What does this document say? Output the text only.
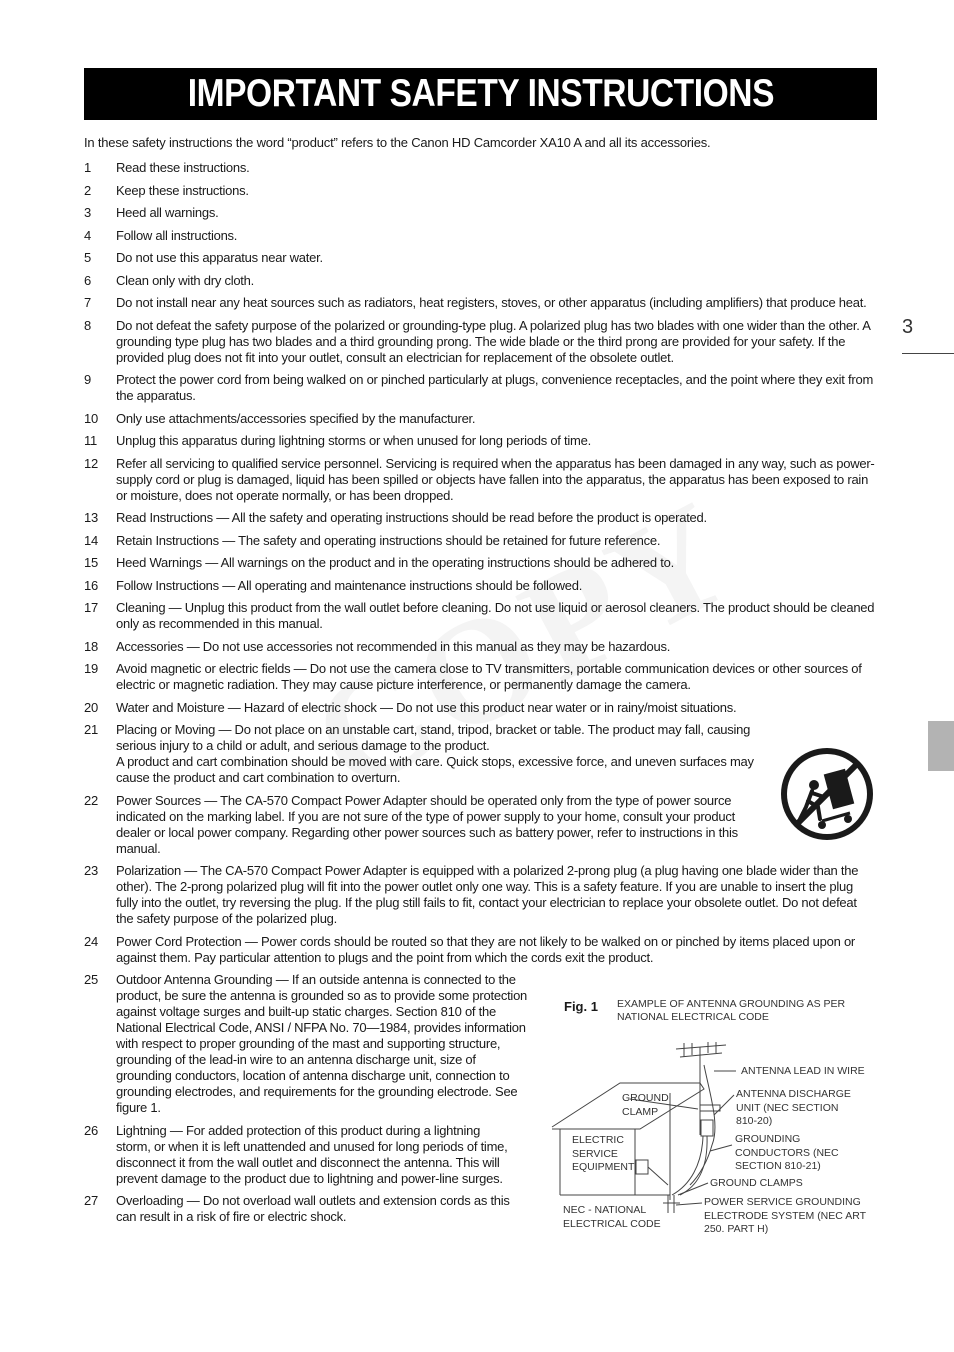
IMPORTANT SAFETY INSTRUCTIONS
3
In these safety instructions the word “product” refers to the Canon HD Camcorder XA10 A and all its accessories.
1	Read these instructions.
2	Keep these instructions.
3	Heed all warnings.
4	Follow all instructions.
5	Do not use this apparatus near water.
6	Clean only with dry cloth.
7	Do not install near any heat sources such as radiators, heat registers, stoves, or other apparatus (including amplifiers) that produce heat.
8	Do not defeat the safety purpose of the polarized or grounding-type plug. A polarized plug has two blades with one wider than the other. A grounding type plug has two blades and a third grounding prong. The wide blade or the third prong are provided for your safety. If the provided plug does not fit into your outlet, consult an electrician for replacement of the obsolete outlet.
9	Protect the power cord from being walked on or pinched particularly at plugs, convenience receptacles, and the point where they exit from the apparatus.
10	Only use attachments/accessories specified by the manufacturer.
11	Unplug this apparatus during lightning storms or when unused for long periods of time.
12	Refer all servicing to qualified service personnel. Servicing is required when the apparatus has been damaged in any way, such as power-supply cord or plug is damaged, liquid has been spilled or objects have fallen into the apparatus, the apparatus has been exposed to rain or moisture, does not operate normally, or has been dropped.
13	Read Instructions — All the safety and operating instructions should be read before the product is operated.
14	Retain Instructions — The safety and operating instructions should be retained for future reference.
15	Heed Warnings — All warnings on the product and in the operating instructions should be adhered to.
16	Follow Instructions — All operating and maintenance instructions should be followed.
17	Cleaning — Unplug this product from the wall outlet before cleaning. Do not use liquid or aerosol cleaners. The product should be cleaned only as recommended in this manual.
18	Accessories — Do not use accessories not recommended in this manual as they may be hazardous.
19	Avoid magnetic or electric fields — Do not use the camera close to TV transmitters, portable communication devices or other sources of electric or magnetic radiation. They may cause picture interference, or permanently damage the camera.
20	Water and Moisture — Hazard of electric shock — Do not use this product near water or in rainy/moist situations.
21	Placing or Moving — Do not place on an unstable cart, stand, tripod, bracket or table. The product may fall, causing serious injury to a child or adult, and serious damage to the product.
A product and cart combination should be moved with care. Quick stops, excessive force, and uneven surfaces may cause the product and cart combination to overturn.
22	Power Sources — The CA-570 Compact Power Adapter should be operated only from the type of power source indicated on the marking label. If you are not sure of the type of power supply to your home, consult your product dealer or local power company. Regarding other power sources such as battery power, refer to instructions in this manual.
23	Polarization — The CA-570 Compact Power Adapter is equipped with a polarized 2-prong plug (a plug having one blade wider than the other). The 2-prong polarized plug will fit into the power outlet only one way. This is a safety feature. If you are unable to insert the plug fully into the outlet, try reversing the plug. If the plug still fails to fit, contact your electrician to replace your obsolete outlet. Do not defeat the safety purpose of the polarized plug.
24	Power Cord Protection — Power cords should be routed so that they are not likely to be walked on or pinched by items placed upon or against them. Pay particular attention to plugs and the point from which the cords exit the product.
25	Outdoor Antenna Grounding — If an outside antenna is connected to the product, be sure the antenna is grounded so as to provide some protection against voltage surges and built-up static charges. Section 810 of the National Electrical Code, ANSI / NFPA No. 70—1984, provides information with respect to proper grounding of the mast and supporting structure, grounding of the lead-in wire to an antenna discharge unit, size of grounding conductors, location of antenna discharge unit, connection to grounding electrodes, and requirements for the grounding electrode. See figure 1.
26	Lightning — For added protection of this product during a lightning storm, or when it is left unattended and unused for long periods of time, disconnect it from the wall outlet and disconnect the antenna. This will prevent damage to the product due to lightning and power-line surges.
27	Overloading — Do not overload wall outlets and extension cords as this can result in a risk of fire or electric shock.
Fig. 1 EXAMPLE OF ANTENNA GROUNDING AS PER NATIONAL ELECTRICAL CODE
ANTENNA LEAD IN WIRE
GROUND CLAMP
ANTENNA DISCHARGE UNIT (NEC SECTION 810-20)
ELECTRIC SERVICE EQUIPMENT
GROUNDING CONDUCTORS (NEC SECTION 810-21)
GROUND CLAMPS
NEC - NATIONAL ELECTRICAL CODE
POWER SERVICE GROUNDING ELECTRODE SYSTEM (NEC ART 250. PART H)
